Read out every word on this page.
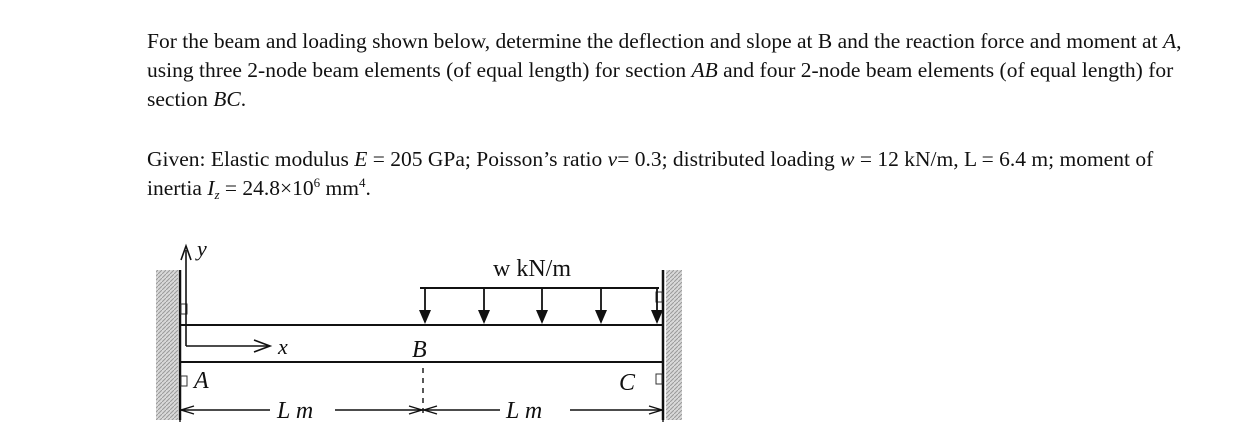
For the beam and loading shown below, determine the deflection and slope at B and the reaction force and moment at A, using three 2-node beam elements (of equal length) for section AB and four 2-node beam elements (of equal length) for section BC.

Given: Elastic modulus E = 205 GPa; Poisson’s ratio ν= 0.3; distributed loading w = 12 kN/m, L = 6.4 m; moment of inertia $I_z = 24.8\times 10^6$ $mm^4$.

y
x
w kN/m
B
A	C
L m	L m
